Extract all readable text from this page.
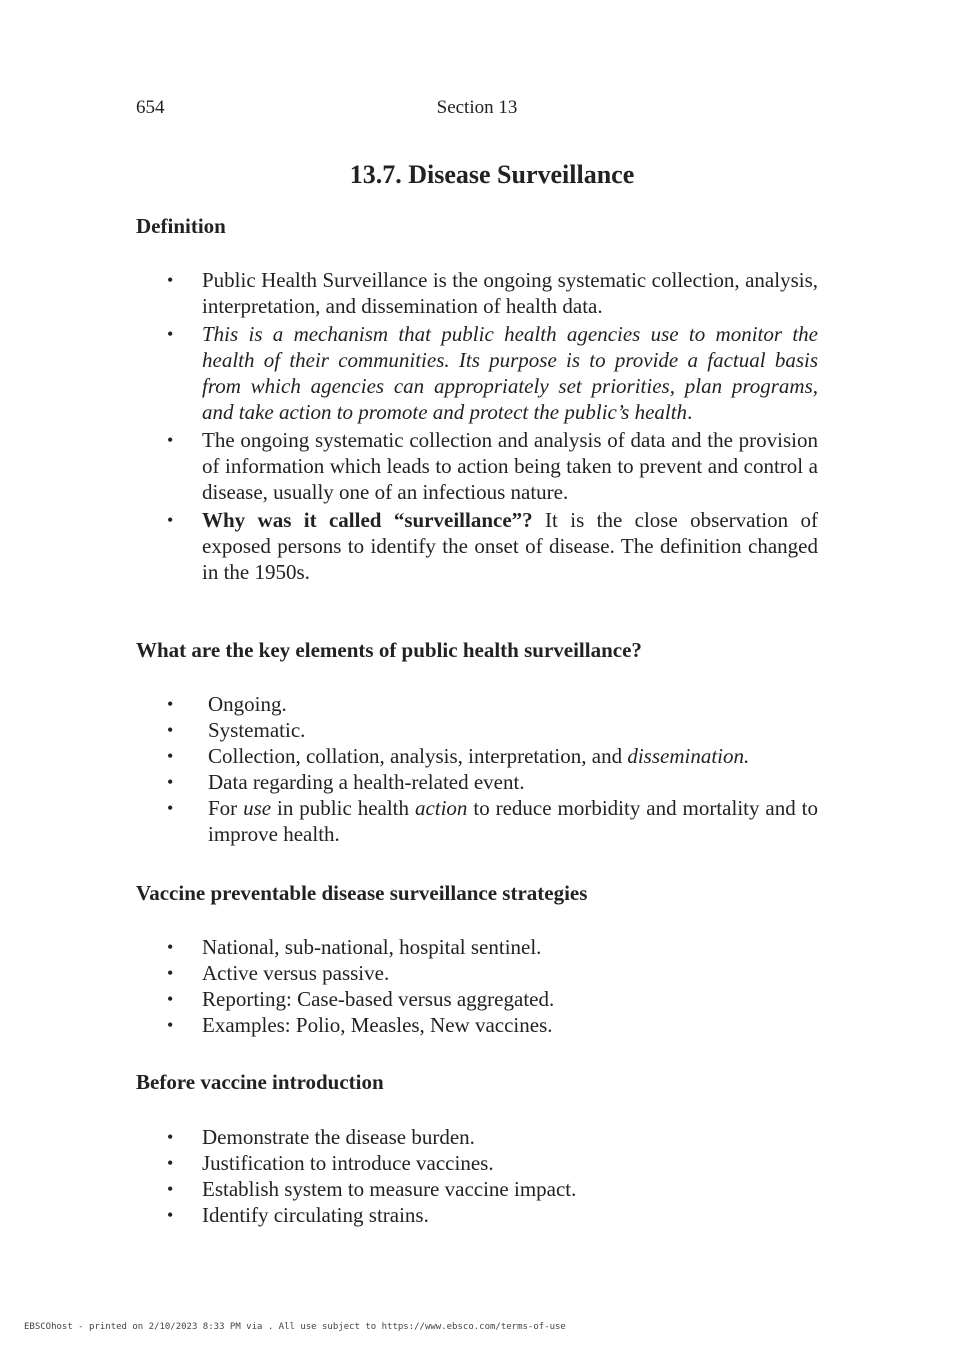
654	Section 13
13.7. Disease Surveillance
Definition
• Public Health Surveillance is the ongoing systematic collection, analysis, interpretation, and dissemination of health data.
• This is a mechanism that public health agencies use to monitor the health of their communities. Its purpose is to provide a factual basis from which agencies can appropriately set priorities, plan programs, and take action to promote and protect the public’s health.
• The ongoing systematic collection and analysis of data and the provision of information which leads to action being taken to prevent and control a disease, usually one of an infectious nature.
• Why was it called “surveillance”? It is the close observation of exposed persons to identify the onset of disease. The definition changed in the 1950s.
What are the key elements of public health surveillance?
• Ongoing.
• Systematic.
• Collection, collation, analysis, interpretation, and dissemination.
• Data regarding a health-related event.
• For use in public health action to reduce morbidity and mortality and to improve health.
Vaccine preventable disease surveillance strategies
• National, sub-national, hospital sentinel.
• Active versus passive.
• Reporting: Case-based versus aggregated.
• Examples: Polio, Measles, New vaccines.
Before vaccine introduction
• Demonstrate the disease burden.
• Justification to introduce vaccines.
• Establish system to measure vaccine impact.
• Identify circulating strains.
EBSCOhost - printed on 2/10/2023 8:33 PM via . All use subject to https://www.ebsco.com/terms-of-use
